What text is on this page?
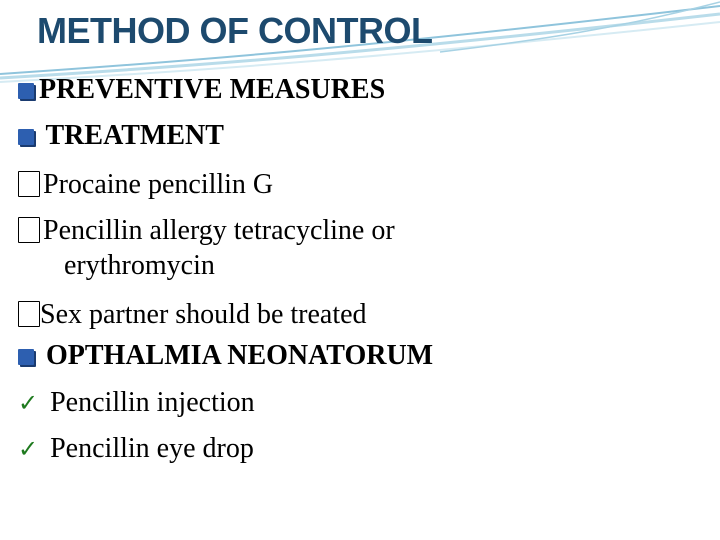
METHOD OF CONTROL
PREVENTIVE MEASURES
TREATMENT
Procaine pencillin G
Pencillin allergy tetracycline or
erythromycin
Sex partner should be treated
OPTHALMIA NEONATORUM
✓ Pencillin injection
✓ Pencillin eye drop
